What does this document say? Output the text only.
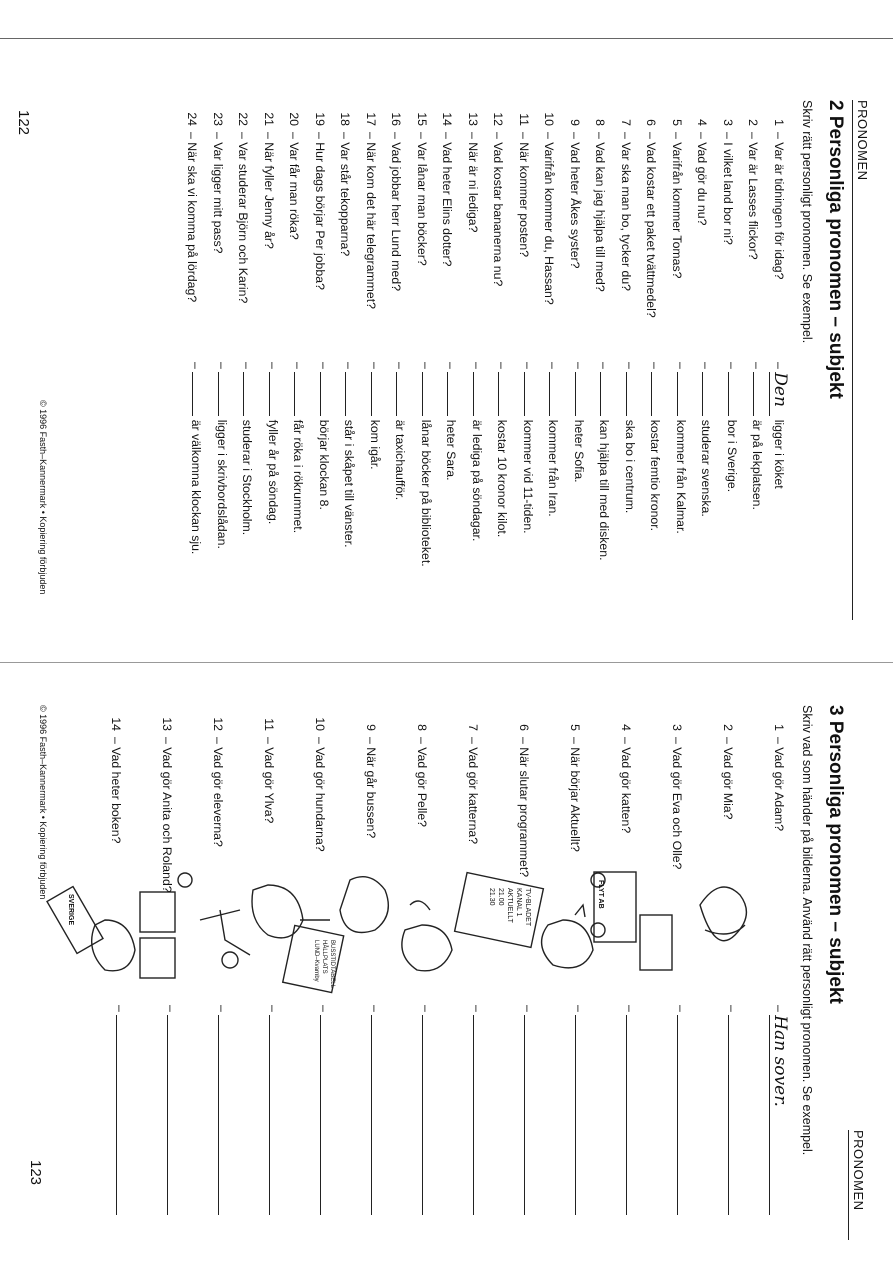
PRONOMEN
2 Personliga pronomen – subjekt
Skriv rätt personligt pronomen. Se exempel.
1– Var är tidningen för idag?
– Den ligger i köket
2– Var är Lasses flickor?
–  är på lekplatsen.
3– I vilket land bor ni?
–  bor i Sverige.
4– Vad gör du nu?
–  studerar svenska.
5– Varifrån kommer Tomas?
–  kommer från Kalmar.
6– Vad kostar ett paket tvättmedel?
–  kostar femtio kronor.
7– Var ska man bo, tycker du?
–  ska bo i centrum.
8– Vad kan jag hjälpa till med?
–  kan hjälpa till med disken.
9– Vad heter Åkes syster?
–  heter Sofia.
10– Varifrån kommer du, Hassan?
–  kommer från Iran.
11– När kommer posten?
–  kommer vid 11-tiden.
12– Vad kostar bananerna nu?
–  kostar 10 kronor kilot.
13– När är ni lediga?
–  är lediga på söndagar.
14– Vad heter Elins dotter?
–  heter Sara.
15– Var lånar man böcker?
–  lånar böcker på biblioteket.
16– Vad jobbar herr Lund med?
–  är taxichaufför.
17– När kom det här telegrammet?
–  kom igår.
18– Var står tekopparna?
–  står i skåpet till vänster.
19– Hur dags börjar Per jobba?
–  börjar klockan 8.
20– Var får man röka?
–  får röka i rökrummet.
21– När fyller Jenny år?
–  fyller år på söndag.
22– Var studerar Björn och Karin?
–  studerar i Stockholm.
23– Var ligger mitt pass?
–  ligger i skrivbordslådan.
24– När ska vi komma på lördag?
–  är välkomna klockan sju.
© 1996 Fasth–Kannermark • Kopiering förbjuden
122
3 Personliga pronomen – subjekt
Skriv vad som händer på bilderna. Använd rätt personligt pronomen. Se exempel.
1– Vad gör Adam?
– Han sover.
2– Vad gör Mia?
–
3– Vad gör Eva och Olle?
–
4– Vad gör katten?
–
5– När börjar Aktuellt?
–
6– När slutar programmet?
–
7– Vad gör katterna?
–
8– Vad gör Pelle?
–
9– När går bussen?
–
10– Vad gör hundarna?
–
11– Vad gör Ylva?
–
12– Vad gör eleverna?
–
13– Vad gör Anita och Roland?
–
14– Vad heter boken?
–
© 1996 Fasth–Kannermark • Kopiering förbjuden
PRONOMEN
123
FLYT AB
TV-BLADET
KANAL 1
AKTUELLT
21.00
21.30
BUSSTIDTABELL
HÅLLPLATS
LUND–Kvarnby
SVERIGE
